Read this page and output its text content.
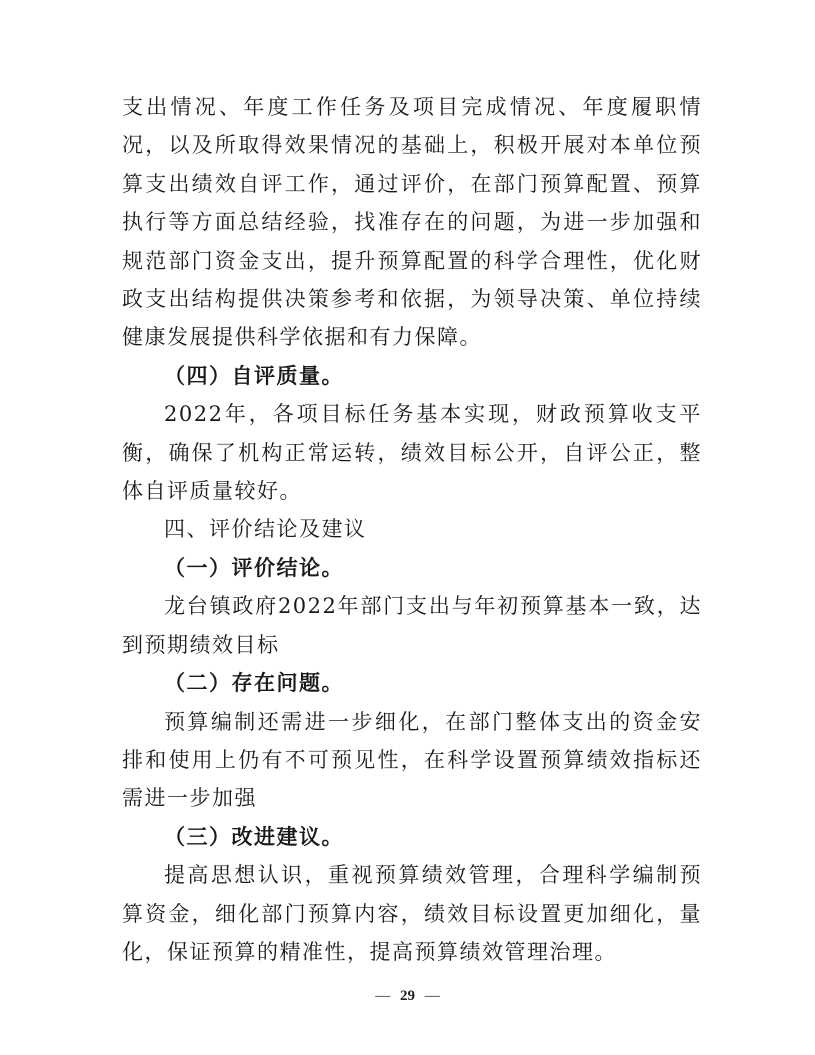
支出情况、年度工作任务及项目完成情况、年度履职情况，以及所取得效果情况的基础上，积极开展对本单位预算支出绩效自评工作，通过评价，在部门预算配置、预算执行等方面总结经验，找准存在的问题，为进一步加强和规范部门资金支出，提升预算配置的科学合理性，优化财政支出结构提供决策参考和依据，为领导决策、单位持续健康发展提供科学依据和有力保障。

（四）自评质量。

2022年，各项目标任务基本实现，财政预算收支平衡，确保了机构正常运转，绩效目标公开，自评公正，整体自评质量较好。

四、评价结论及建议

（一）评价结论。

龙台镇政府2022年部门支出与年初预算基本一致，达到预期绩效目标

（二）存在问题。

预算编制还需进一步细化，在部门整体支出的资金安排和使用上仍有不可预见性，在科学设置预算绩效指标还需进一步加强

（三）改进建议。

提高思想认识，重视预算绩效管理，合理科学编制预算资金，细化部门预算内容，绩效目标设置更加细化，量化，保证预算的精准性，提高预算绩效管理治理。

— 29 —
